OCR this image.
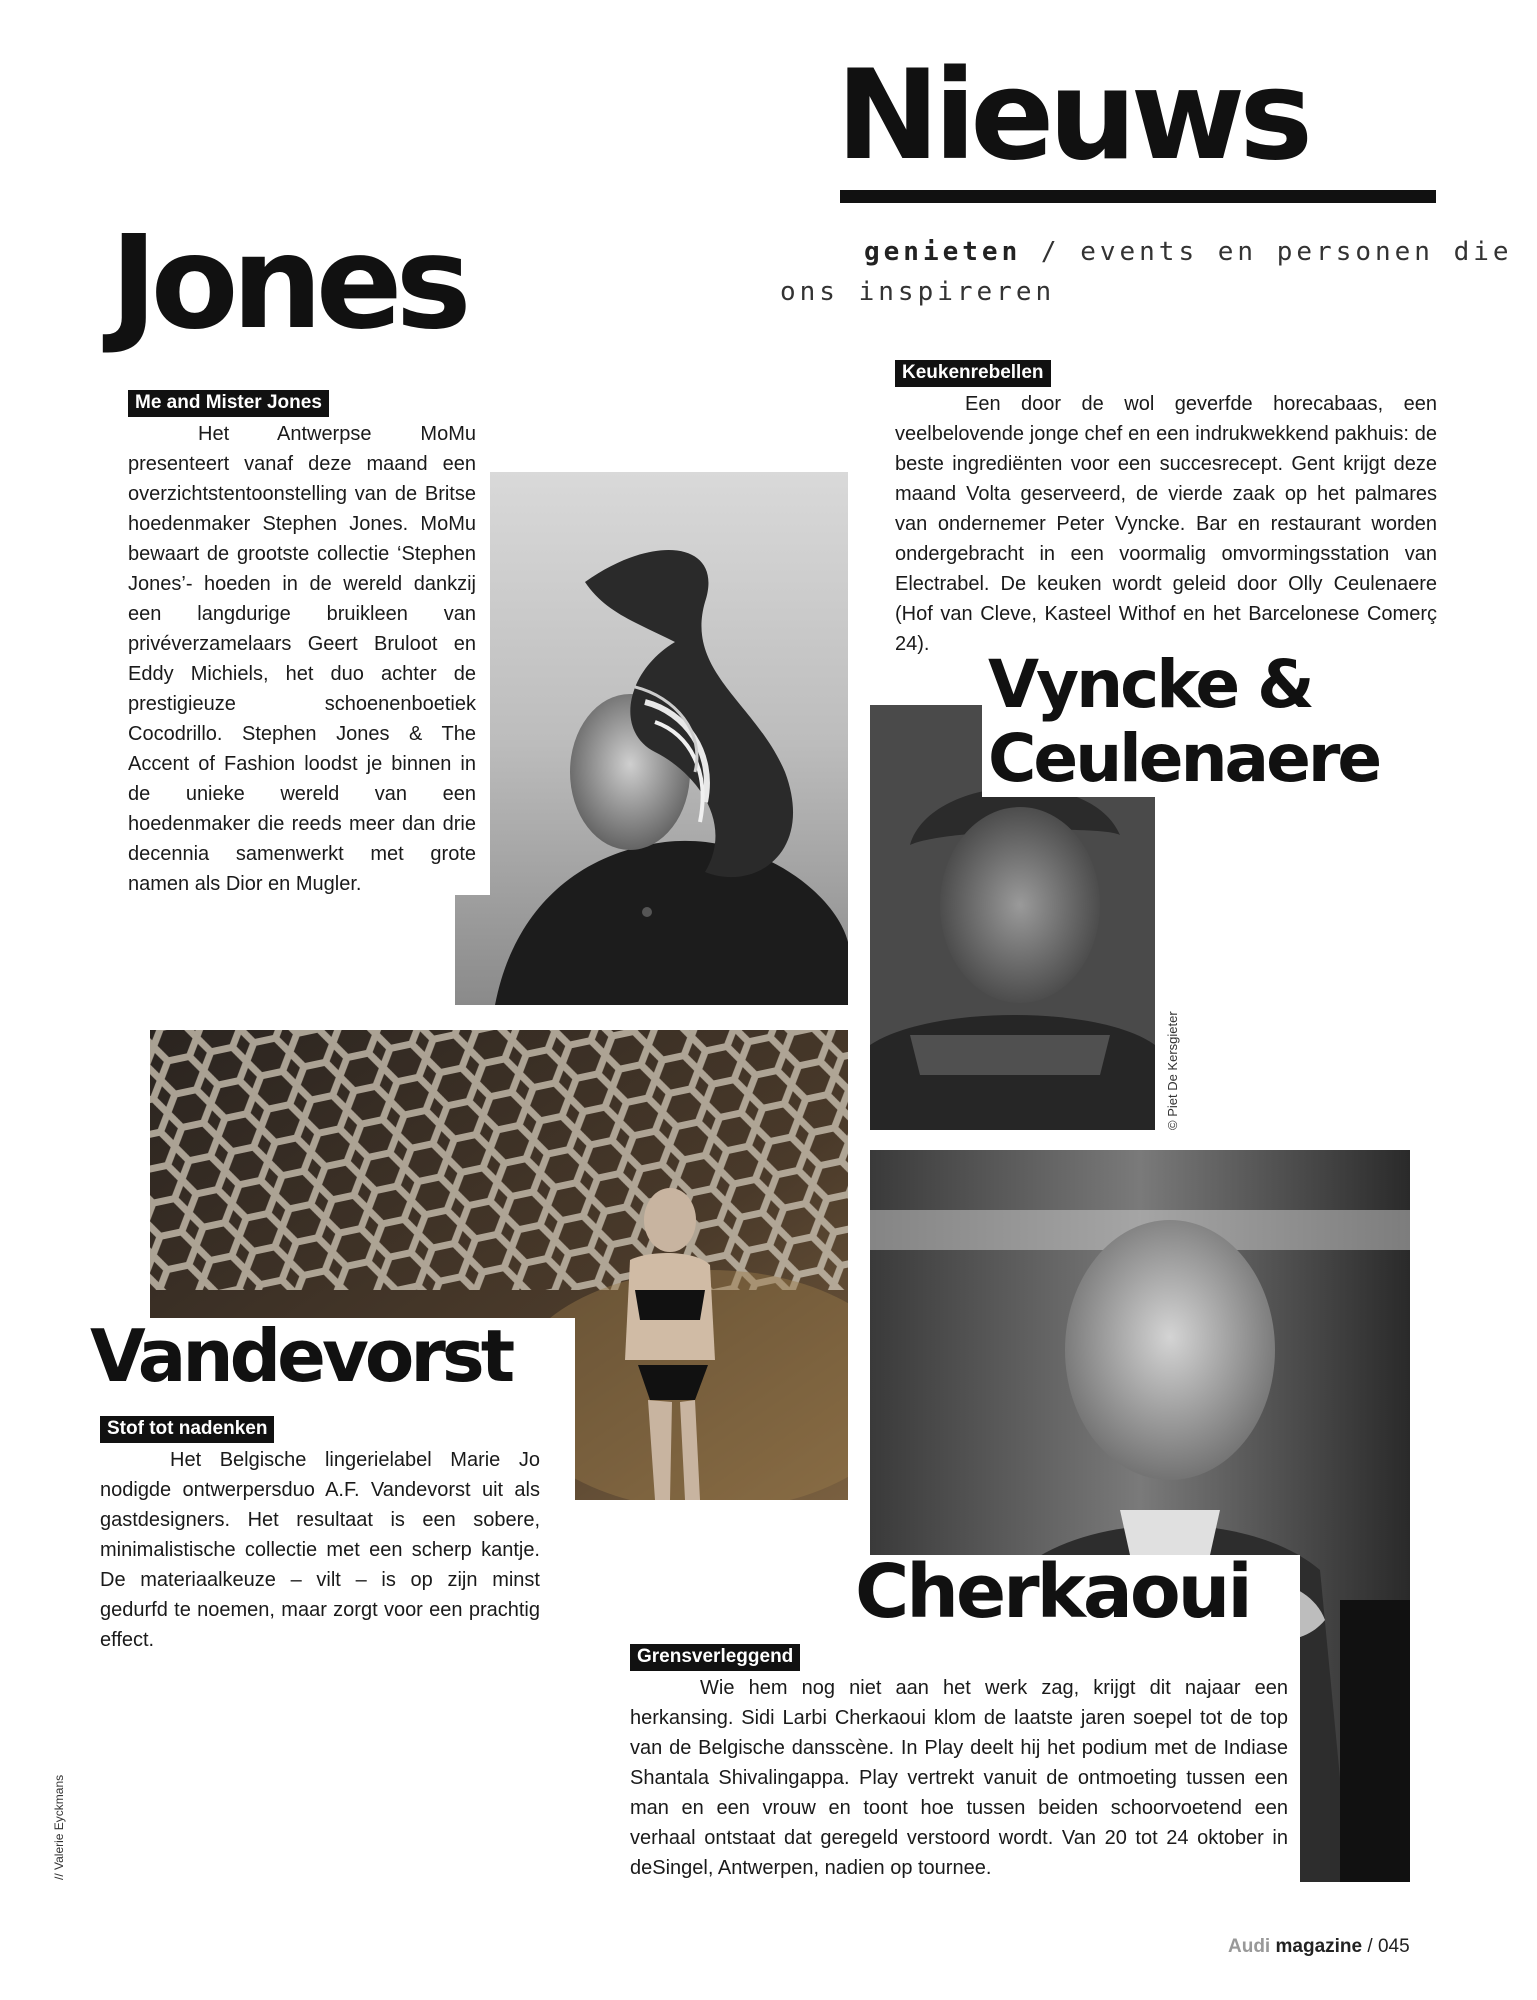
Nieuws
genieten / events en personen die
ons inspireren
Jones
Me and Mister Jones
Het Antwerpse MoMu presenteert vanaf deze maand een overzichtstentoonstelling van de Britse hoedenmaker Stephen Jones. MoMu bewaart de grootste collectie ‘Stephen Jones’- hoeden in de wereld dankzij een langdurige bruikleen van privéverzamelaars Geert Bruloot en Eddy Michiels, het duo achter de prestigieuze schoenenboetiek Cocodrillo. Stephen Jones & The Accent of Fashion loodst je binnen in de unieke wereld van een hoedenmaker die reeds meer dan drie decennia samenwerkt met grote namen als Dior en Mugler.
Keukenrebellen
Een door de wol geverfde horecabaas, een veelbelovende jonge chef en een indrukwekkend pakhuis: de beste ingrediënten voor een succesrecept. Gent krijgt deze maand Volta geserveerd, de vierde zaak op het palmares van ondernemer Peter Vyncke. Bar en restaurant worden ondergebracht in een voormalig omvormingsstation van Electrabel. De keuken wordt geleid door Olly Ceulenaere (Hof van Cleve, Kasteel Withof en het Barcelonese Comerç 24).
Vyncke &
Ceulenaere
© Piet De Kersgieter
Vandevorst
Stof tot nadenken
Het Belgische lingerielabel Marie Jo nodigde ontwerpersduo A.F. Vandevorst uit als gastdesigners. Het resultaat is een sobere, minimalistische collectie met een scherp kantje. De materiaalkeuze – vilt – is op zijn minst gedurfd te noemen, maar zorgt voor een prachtig effect.
Cherkaoui
Grensverleggend
Wie hem nog niet aan het werk zag, krijgt dit najaar een herkansing. Sidi Larbi Cherkaoui klom de laatste jaren soepel tot de top van de Belgische dansscène. In Play deelt hij het podium met de Indiase Shantala Shivalingappa. Play vertrekt vanuit de ontmoeting tussen een man en een vrouw en toont hoe tussen beiden schoorvoetend een verhaal ontstaat dat geregeld verstoord wordt. Van 20 tot 24 oktober in deSingel, Antwerpen, nadien op tournee.
// Valerie Eyckmans
Audi magazine / 045
